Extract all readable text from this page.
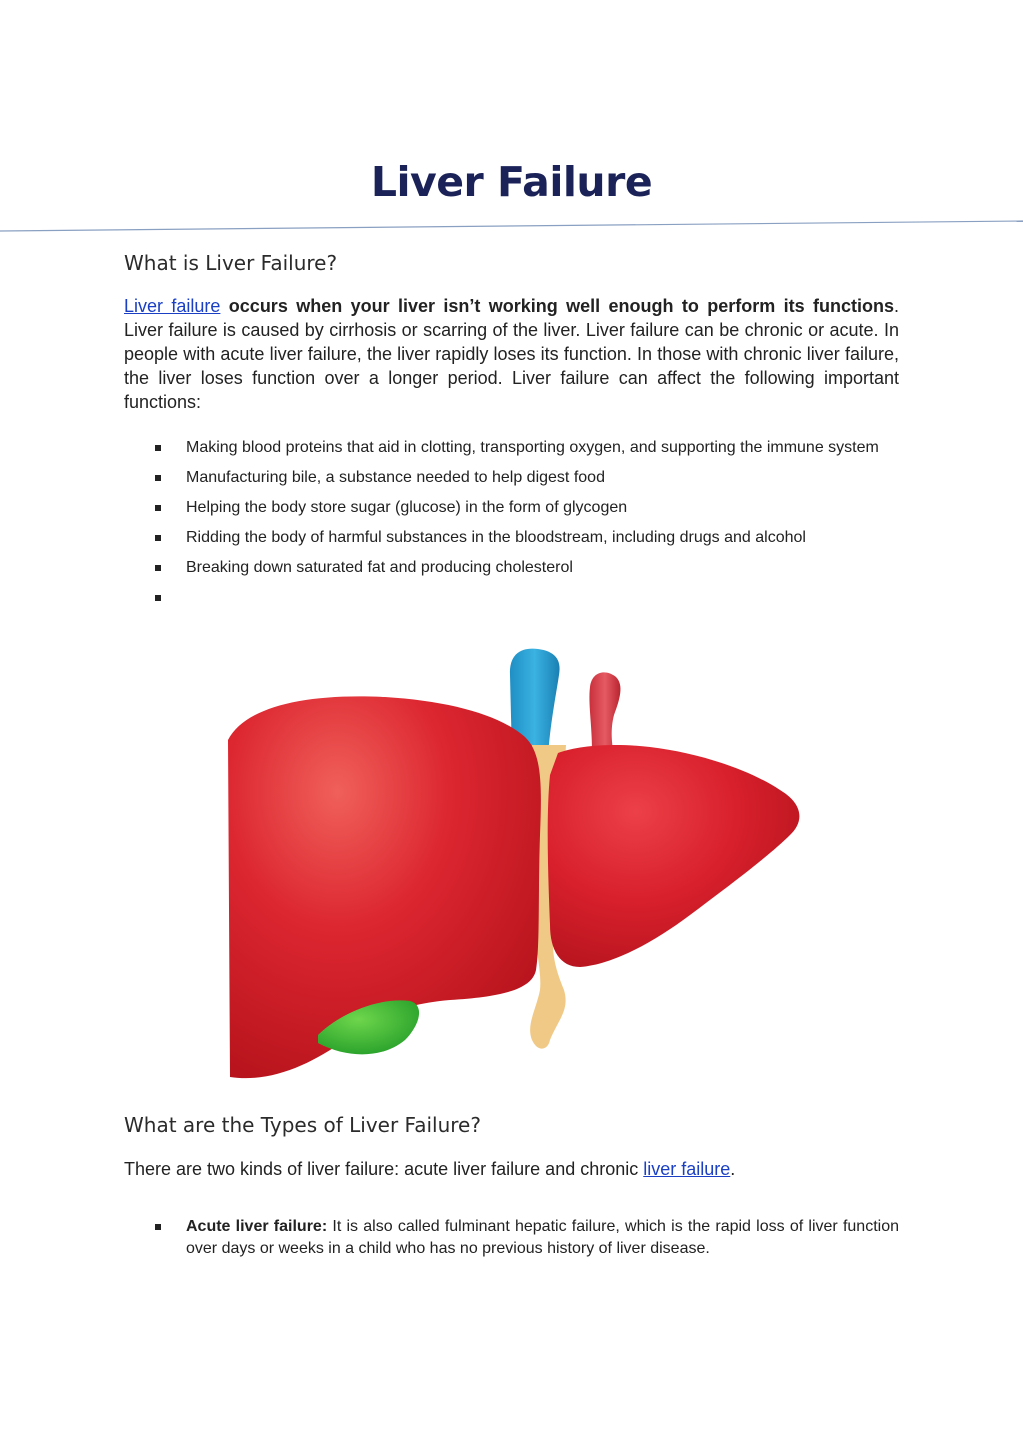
Liver Failure
What is Liver Failure?

Liver failure occurs when your liver isn’t working well enough to perform its functions. Liver failure is caused by cirrhosis or scarring of the liver. Liver failure can be chronic or acute. In people with acute liver failure, the liver rapidly loses its function. In those with chronic liver failure, the liver loses function over a longer period. Liver failure can affect the following important functions:

Making blood proteins that aid in clotting, transporting oxygen, and supporting the immune system
Manufacturing bile, a substance needed to help digest food
Helping the body store sugar (glucose) in the form of glycogen
Ridding the body of harmful substances in the bloodstream, including drugs and alcohol
Breaking down saturated fat and producing cholesterol
What are the Types of Liver Failure?

There are two kinds of liver failure: acute liver failure and chronic liver failure.

Acute liver failure: It is also called fulminant hepatic failure, which is the rapid loss of liver function over days or weeks in a child who has no previous history of liver disease.
